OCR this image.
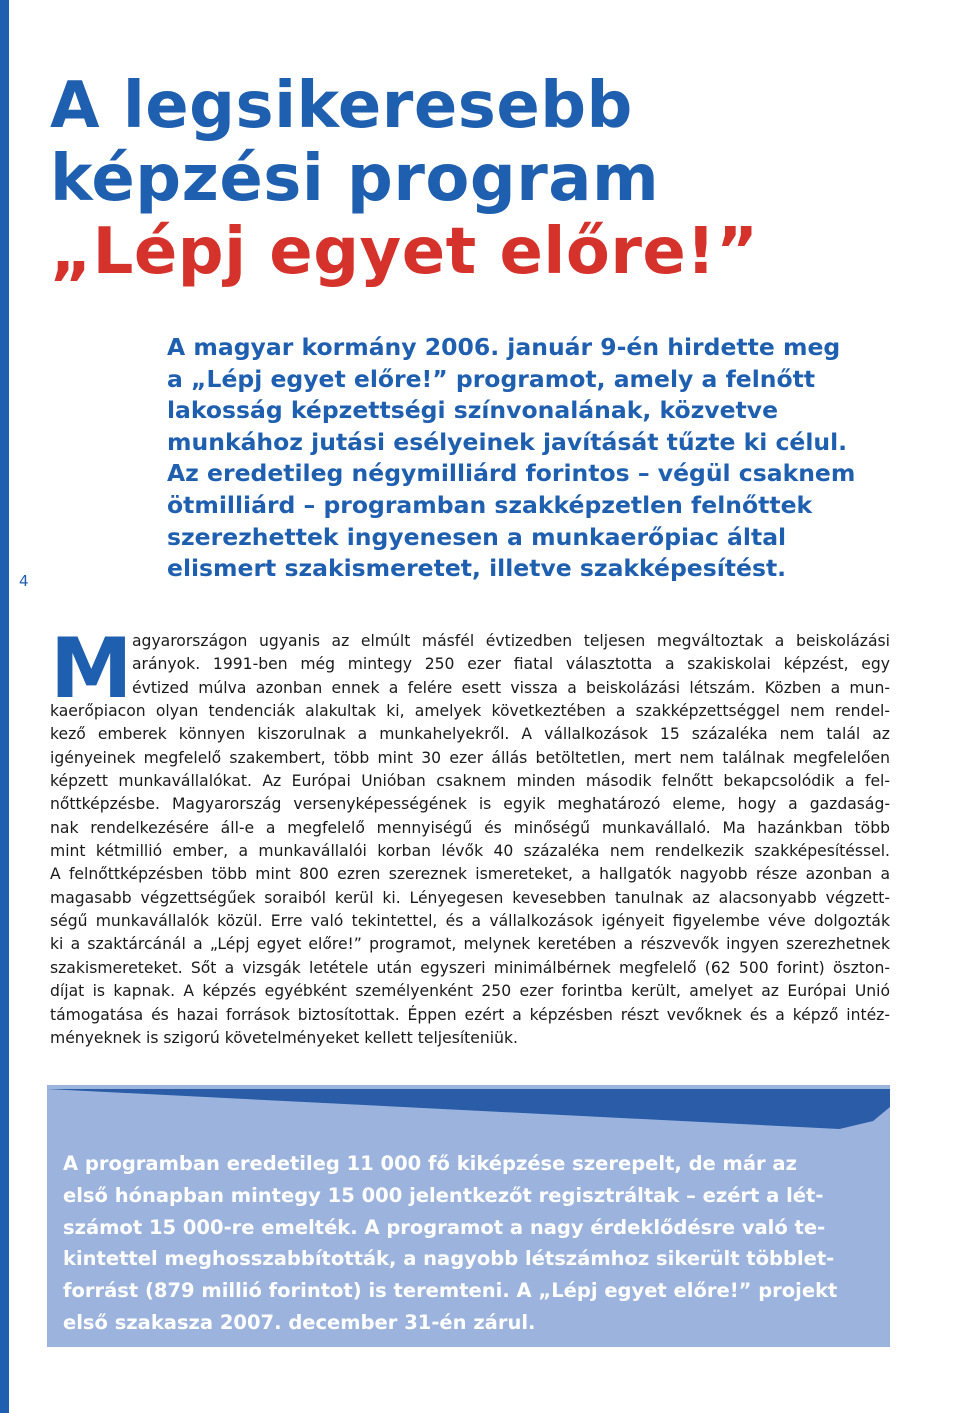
4
A legsikeresebb
képzési program
„Lépj egyet előre!”

A magyar kormány 2006. január 9-én hirdette meg
a „Lépj egyet előre!” programot, amely a felnőtt
lakosság képzettségi színvonalának, közvetve
munkához jutási esélyeinek javítását tűzte ki célul.
Az eredetileg négymilliárd forintos – végül csaknem
ötmilliárd – programban szakképzetlen felnőttek
szerezhettek ingyenesen a munkaerőpiac által
elismert szakismeretet, illetve szakképesítést.

M agyarországon ugyanis az elmúlt másfél évtizedben teljesen megváltoztak a beiskolázási
arányok. 1991-ben még mintegy 250 ezer fiatal választotta a szakiskolai képzést, egy
évtized múlva azonban ennek a felére esett vissza a beiskolázási létszám. Közben a mun-
kaerőpiacon olyan tendenciák alakultak ki, amelyek következtében a szakképzettséggel nem rendel-
kező emberek könnyen kiszorulnak a munkahelyekről. A vállalkozások 15 százaléka nem talál az
igényeinek megfelelő szakembert, több mint 30 ezer állás betöltetlen, mert nem találnak megfelelően
képzett munkavállalókat. Az Európai Unióban csaknem minden második felnőtt bekapcsolódik a fel-
nőttképzésbe. Magyarország versenyképességének is egyik meghatározó eleme, hogy a gazdaság-
nak rendelkezésére áll-e a megfelelő mennyiségű és minőségű munkavállaló. Ma hazánkban több
mint kétmillió ember, a munkavállalói korban lévők 40 százaléka nem rendelkezik szakképesítéssel.
A felnőttképzésben több mint 800 ezren szereznek ismereteket, a hallgatók nagyobb része azonban a
magasabb végzettségűek soraiból kerül ki. Lényegesen kevesebben tanulnak az alacsonyabb végzett-
ségű munkavállalók közül. Erre való tekintettel, és a vállalkozások igényeit figyelembe véve dolgozták
ki a szaktárcánál a „Lépj egyet előre!” programot, melynek keretében a részvevők ingyen szerezhetnek
szakismereteket. Sőt a vizsgák letétele után egyszeri minimálbérnek megfelelő (62 500 forint) öszton-
díjat is kapnak. A képzés egyébként személyenként 250 ezer forintba került, amelyet az Európai Unió
támogatása és hazai források biztosítottak. Éppen ezért a képzésben részt vevőknek és a képző intéz-
ményeknek is szigorú követelményeket kellett teljesíteniük.

A programban eredetileg 11 000 fő kiképzése szerepelt, de már az
első hónapban mintegy 15 000 jelentkezőt regisztráltak – ezért a lét-
számot 15 000-re emelték. A programot a nagy érdeklődésre való te-
kintettel meghosszabbították, a nagyobb létszámhoz sikerült többlet-
forrást (879 millió forintot) is teremteni. A „Lépj egyet előre!” projekt
első szakasza 2007. december 31-én zárul.
